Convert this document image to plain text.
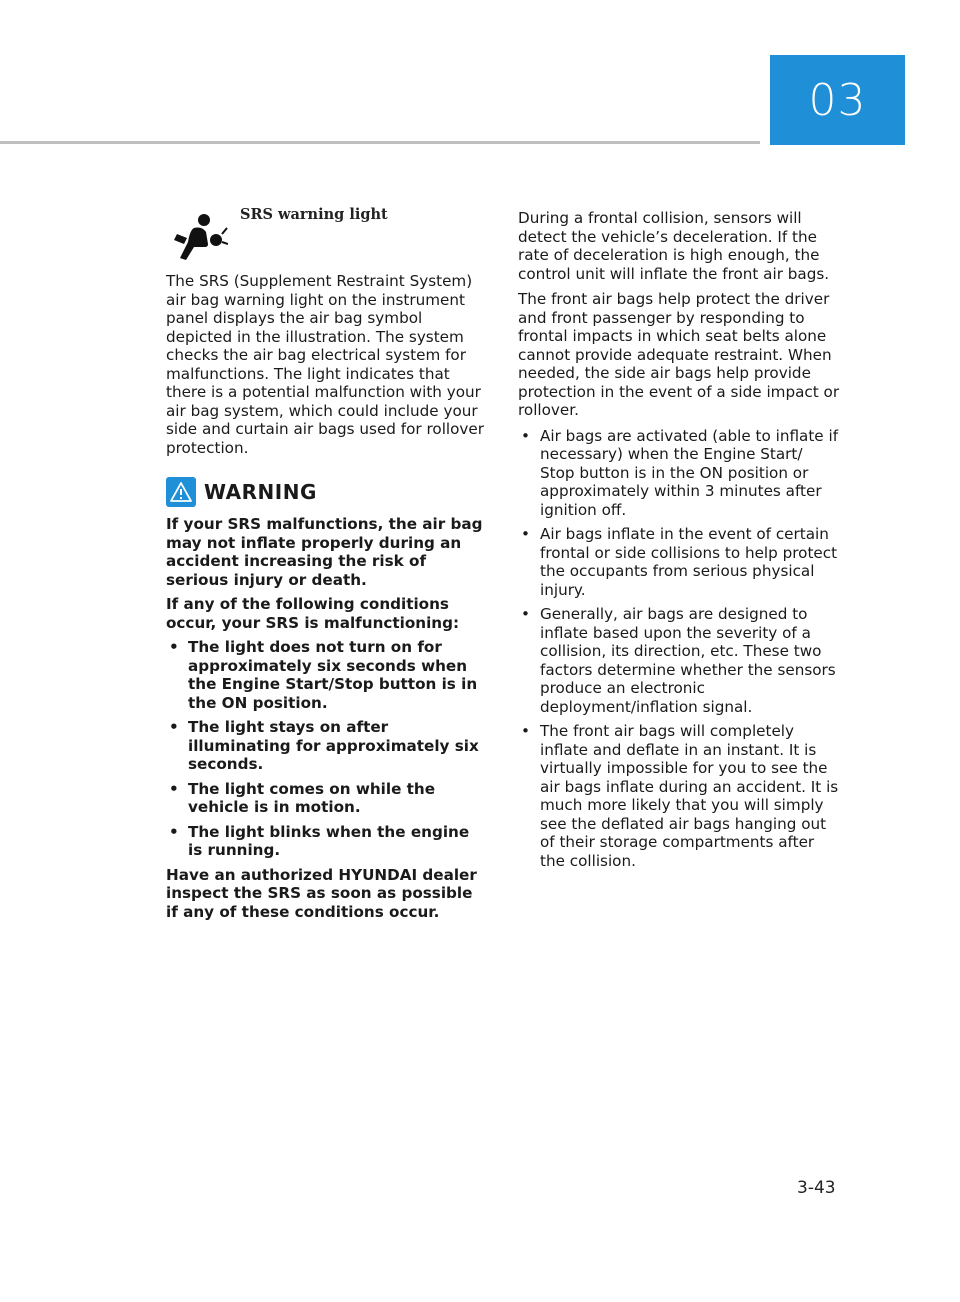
03
SRS warning light

The SRS (Supplement Restraint System) air bag warning light on the instrument panel displays the air bag symbol depicted in the illustration. The system checks the air bag electrical system for malfunctions. The light indicates that there is a potential malfunction with your air bag system, which could include your side and curtain air bags used for rollover protection.

WARNING

If your SRS malfunctions, the air bag may not inflate properly during an accident increasing the risk of serious injury or death.

If any of the following conditions occur, your SRS is malfunctioning:

• The light does not turn on for approximately six seconds when the Engine Start/Stop button is in the ON position.
• The light stays on after illuminating for approximately six seconds.
• The light comes on while the vehicle is in motion.
• The light blinks when the engine is running.

Have an authorized HYUNDAI dealer inspect the SRS as soon as possible if any of these conditions occur.

During a frontal collision, sensors will detect the vehicle’s deceleration. If the rate of deceleration is high enough, the control unit will inflate the front air bags.

The front air bags help protect the driver and front passenger by responding to frontal impacts in which seat belts alone cannot provide adequate restraint. When needed, the side air bags help provide protection in the event of a side impact or rollover.

• Air bags are activated (able to inflate if necessary) when the Engine Start/ Stop button is in the ON position or approximately within 3 minutes after ignition off.
• Air bags inflate in the event of certain frontal or side collisions to help protect the occupants from serious physical injury.
• Generally, air bags are designed to inflate based upon the severity of a collision, its direction, etc. These two factors determine whether the sensors produce an electronic deployment/inflation signal.
• The front air bags will completely inflate and deflate in an instant. It is virtually impossible for you to see the air bags inflate during an accident. It is much more likely that you will simply see the deflated air bags hanging out of their storage compartments after the collision.
3-43
